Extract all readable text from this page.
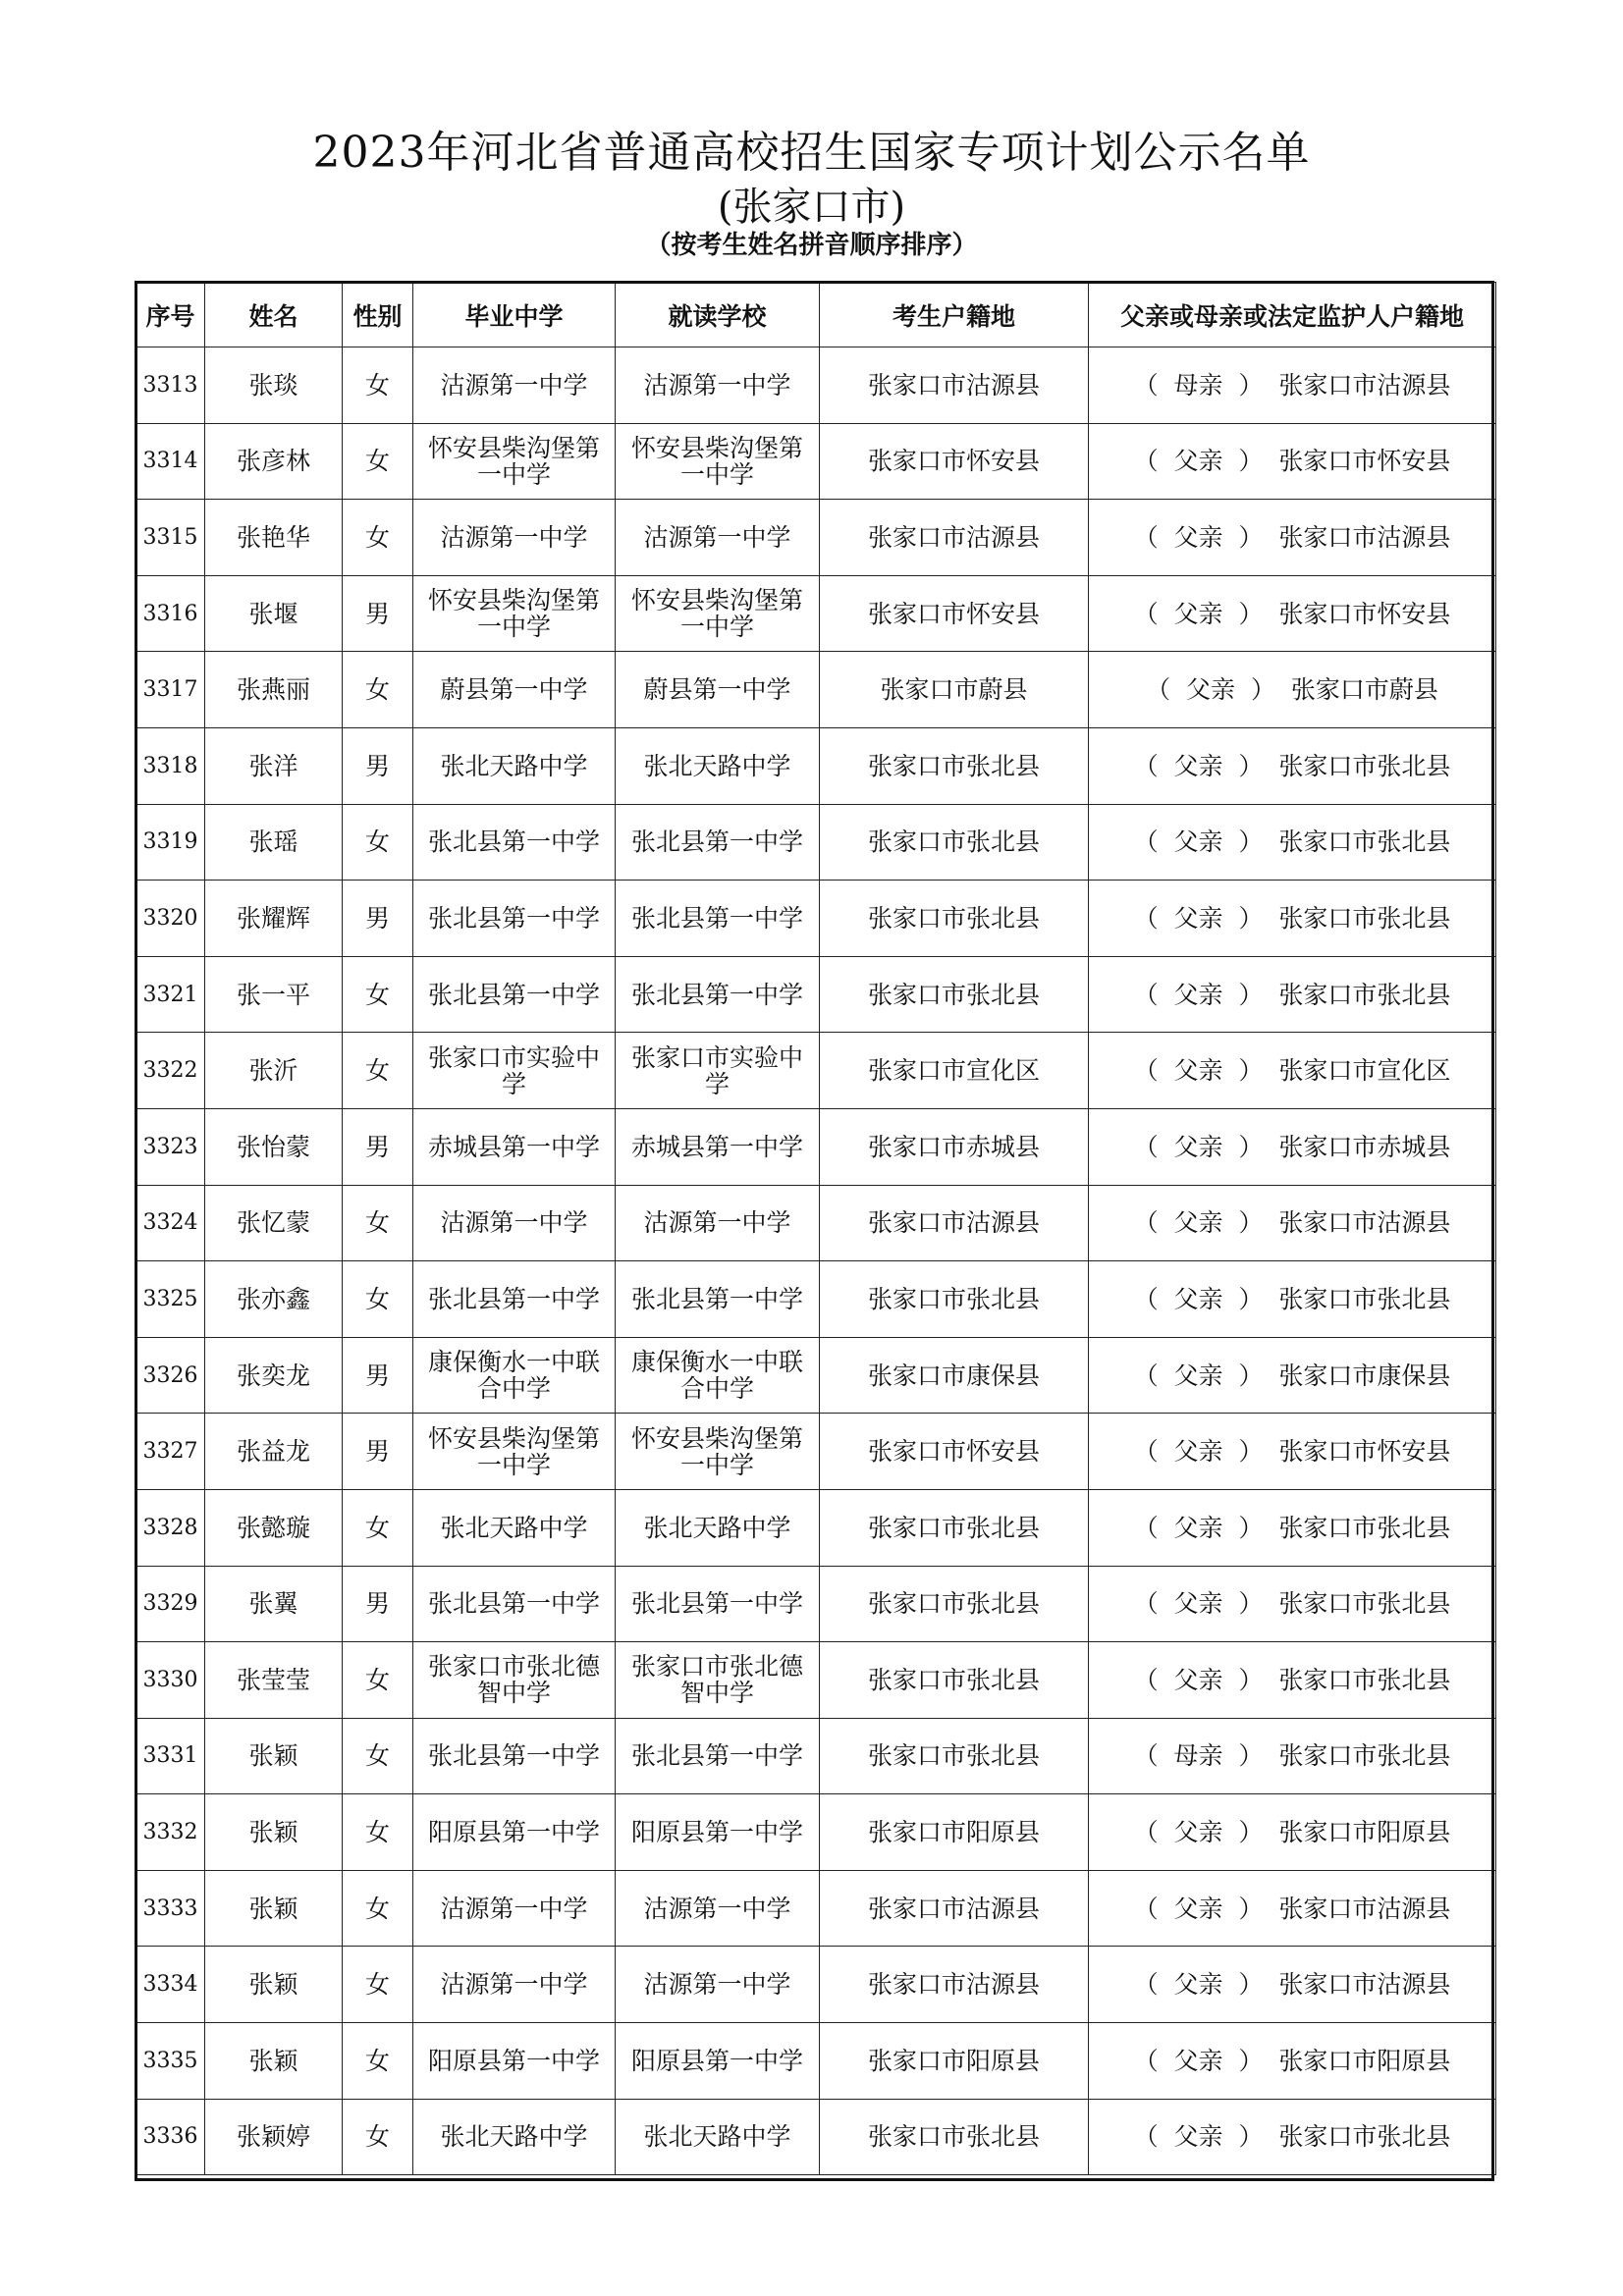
2023年河北省普通高校招生国家专项计划公示名单
(张家口市)
（按考生姓名拼音顺序排序）
序号	姓名	性别	毕业中学	就读学校	考生户籍地	父亲或母亲或法定监护人户籍地
3313	张琰	女	沽源第一中学	沽源第一中学	张家口市沽源县	（  母亲  ）  张家口市沽源县
3314	张彦林	女	怀安县柴沟堡第一中学	怀安县柴沟堡第一中学	张家口市怀安县	（  父亲  ）  张家口市怀安县
3315	张艳华	女	沽源第一中学	沽源第一中学	张家口市沽源县	（  父亲  ）  张家口市沽源县
3316	张堰	男	怀安县柴沟堡第一中学	怀安县柴沟堡第一中学	张家口市怀安县	（  父亲  ）  张家口市怀安县
3317	张燕丽	女	蔚县第一中学	蔚县第一中学	张家口市蔚县	（  父亲  ）  张家口市蔚县
3318	张洋	男	张北天路中学	张北天路中学	张家口市张北县	（  父亲  ）  张家口市张北县
3319	张瑶	女	张北县第一中学	张北县第一中学	张家口市张北县	（  父亲  ）  张家口市张北县
3320	张耀辉	男	张北县第一中学	张北县第一中学	张家口市张北县	（  父亲  ）  张家口市张北县
3321	张一平	女	张北县第一中学	张北县第一中学	张家口市张北县	（  父亲  ）  张家口市张北县
3322	张沂	女	张家口市实验中学	张家口市实验中学	张家口市宣化区	（  父亲  ）  张家口市宣化区
3323	张怡蒙	男	赤城县第一中学	赤城县第一中学	张家口市赤城县	（  父亲  ）  张家口市赤城县
3324	张忆蒙	女	沽源第一中学	沽源第一中学	张家口市沽源县	（  父亲  ）  张家口市沽源县
3325	张亦鑫	女	张北县第一中学	张北县第一中学	张家口市张北县	（  父亲  ）  张家口市张北县
3326	张奕龙	男	康保衡水一中联合中学	康保衡水一中联合中学	张家口市康保县	（  父亲  ）  张家口市康保县
3327	张益龙	男	怀安县柴沟堡第一中学	怀安县柴沟堡第一中学	张家口市怀安县	（  父亲  ）  张家口市怀安县
3328	张懿璇	女	张北天路中学	张北天路中学	张家口市张北县	（  父亲  ）  张家口市张北县
3329	张翼	男	张北县第一中学	张北县第一中学	张家口市张北县	（  父亲  ）  张家口市张北县
3330	张莹莹	女	张家口市张北德智中学	张家口市张北德智中学	张家口市张北县	（  父亲  ）  张家口市张北县
3331	张颖	女	张北县第一中学	张北县第一中学	张家口市张北县	（  母亲  ）  张家口市张北县
3332	张颖	女	阳原县第一中学	阳原县第一中学	张家口市阳原县	（  父亲  ）  张家口市阳原县
3333	张颖	女	沽源第一中学	沽源第一中学	张家口市沽源县	（  父亲  ）  张家口市沽源县
3334	张颖	女	沽源第一中学	沽源第一中学	张家口市沽源县	（  父亲  ）  张家口市沽源县
3335	张颖	女	阳原县第一中学	阳原县第一中学	张家口市阳原县	（  父亲  ）  张家口市阳原县
3336	张颖婷	女	张北天路中学	张北天路中学	张家口市张北县	（  父亲  ）  张家口市张北县
